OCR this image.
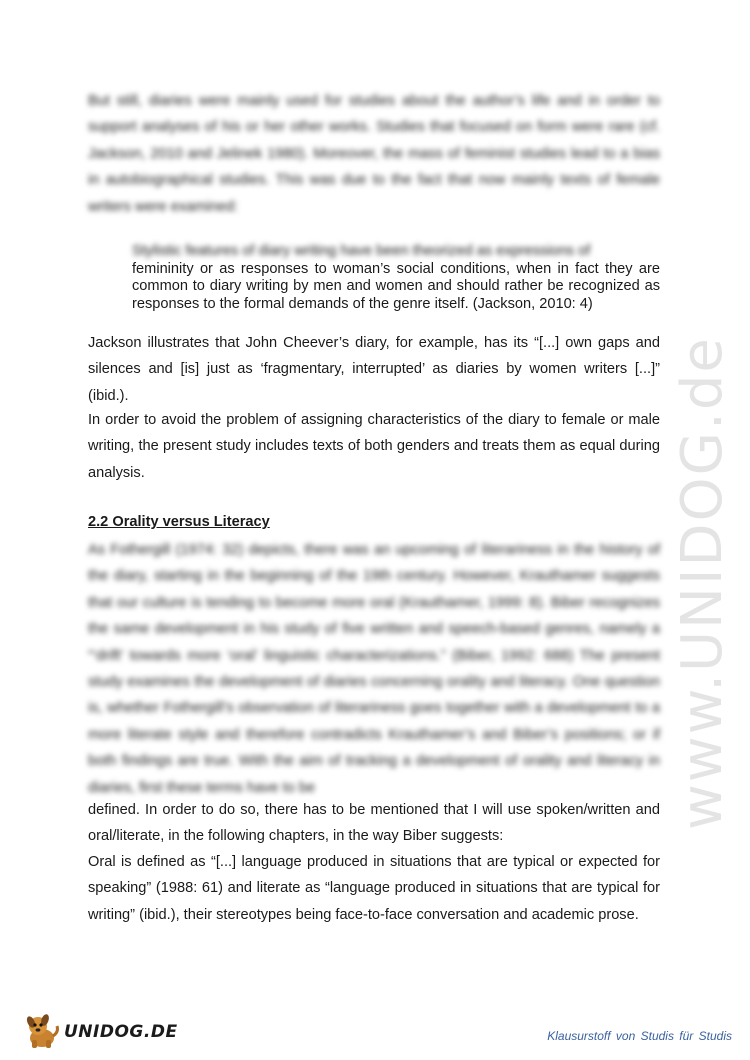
www.UNIDOG.de

But still, diaries were mainly used for studies about the author’s life and in order to support analyses of his or her other works. Studies that focused on form were rare (cf. Jackson, 2010 and Jelinek 1980). Moreover, the mass of feminist studies lead to a bias in autobiographical studies. This was due to the fact that now mainly texts of female writers were examined:

Stylistic features of diary writing have been theorized as expressions of
femininity or as responses to woman’s social conditions, when in fact they are common to diary writing by men and women and should rather be recognized as responses to the formal demands of the genre itself. (Jackson, 2010: 4)

Jackson illustrates that John Cheever’s diary, for example, has its “[...] own gaps and silences and [is] just as ‘fragmentary, interrupted’ as diaries by women writers [...]” (ibid.).

In order to avoid the problem of assigning characteristics of the diary to female or male writing, the present study includes texts of both genders and treats them as equal during analysis.

2.2 Orality versus Literacy

As Fothergill (1974: 32) depicts, there was an upcoming of literariness in the history of the diary, starting in the beginning of the 19th century. However, Krauthamer suggests that our culture is tending to become more oral (Krauthamer, 1999: 8). Biber recognizes the same development in his study of five written and speech-based genres, namely a “‘drift’ towards more ‘oral’ linguistic characterizations.” (Biber, 1992: 688) The present study examines the development of diaries concerning orality and literacy. One question is, whether Fothergill’s observation of literariness goes together with a development to a more literate style and therefore contradicts Krauthamer’s and Biber’s positions; or if both findings are true. With the aim of tracking a development of orality and literacy in diaries, first these terms have to be

defined. In order to do so, there has to be mentioned that I will use spoken/written and oral/literate, in the following chapters, in the way Biber suggests:

Oral is defined as “[...] language produced in situations that are typical or expected for speaking” (1988: 61) and literate as “language produced in situations that are typical for writing” (ibid.), their stereotypes being face-to-face conversation and academic prose.

UNIDOG.DE	Klausurstoff von Studis für Studis
